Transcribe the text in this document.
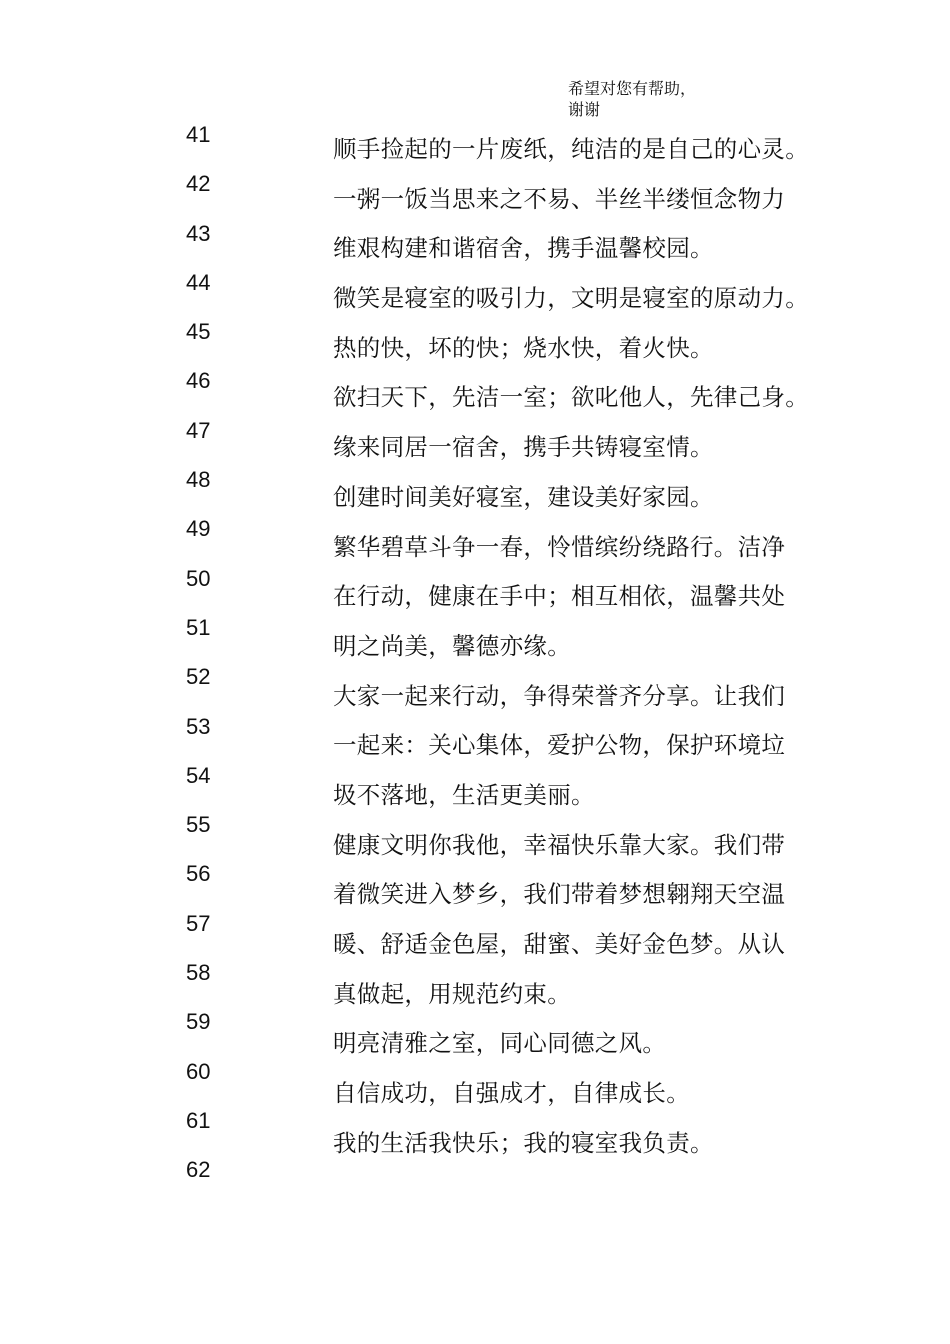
希望对您有帮助，
谢谢
41
42
43
44
45
46
47
48
49
50
51
52
53
54
55
56
57
58
59
60
61
62
顺手捡起的一片废纸，纯洁的是自己的心灵。
一粥一饭当思来之不易、半丝半缕恒念物力
维艰构建和谐宿舍，携手温馨校园。
微笑是寝室的吸引力，文明是寝室的原动力。
热的快，坏的快；烧水快，着火快。
欲扫天下，先洁一室；欲叱他人，先律己身。
缘来同居一宿舍，携手共铸寝室情。
创建时间美好寝室，建设美好家园。
繁华碧草斗争一春，怜惜缤纷绕路行。洁净
在行动，健康在手中；相互相依，温馨共处
明之尚美，馨德亦缘。
大家一起来行动，争得荣誉齐分享。让我们
一起来：关心集体，爱护公物，保护环境垃
圾不落地，生活更美丽。
健康文明你我他，幸福快乐靠大家。我们带
着微笑进入梦乡，我们带着梦想翱翔天空温
暖、舒适金色屋，甜蜜、美好金色梦。从认
真做起，用规范约束。
明亮清雅之室，同心同德之风。
自信成功，自强成才，自律成长。
我的生活我快乐；我的寝室我负责。
